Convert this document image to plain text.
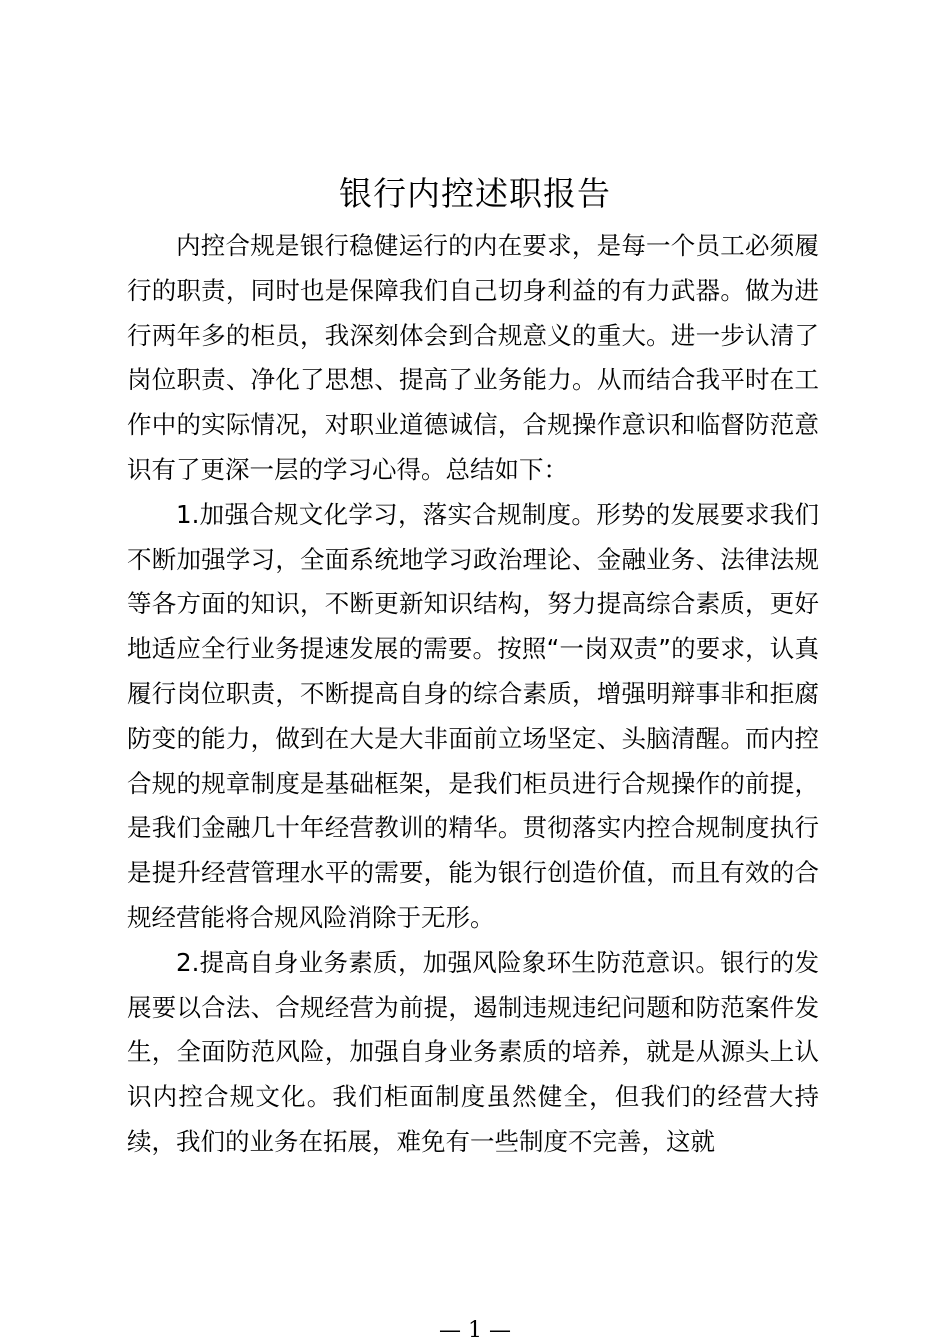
银行内控述职报告

内控合规是银行稳健运行的内在要求，是每一个员工必须履行的职责，同时也是保障我们自己切身利益的有力武器。做为进行两年多的柜员，我深刻体会到合规意义的重大。进一步认清了岗位职责、净化了思想、提高了业务能力。从而结合我平时在工作中的实际情况，对职业道德诚信，合规操作意识和临督防范意识有了更深一层的学习心得。总结如下：

1.加强合规文化学习，落实合规制度。形势的发展要求我们不断加强学习，全面系统地学习政治理论、金融业务、法律法规等各方面的知识，不断更新知识结构，努力提高综合素质，更好地适应全行业务提速发展的需要。按照“一岗双责”的要求，认真履行岗位职责，不断提高自身的综合素质，增强明辩事非和拒腐防变的能力，做到在大是大非面前立场坚定、头脑清醒。而内控合规的规章制度是基础框架，是我们柜员进行合规操作的前提，是我们金融几十年经营教训的精华。贯彻落实内控合规制度执行是提升经营管理水平的需要，能为银行创造价值，而且有效的合规经营能将合规风险消除于无形。

2.提高自身业务素质，加强风险象环生防范意识。银行的发展要以合法、合规经营为前提，遏制违规违纪问题和防范案件发生，全面防范风险，加强自身业务素质的培养，就是从源头上认识内控合规文化。我们柜面制度虽然健全，但我们的经营大持续，我们的业务在拓展，难免有一些制度不完善，这就

— 1 —
